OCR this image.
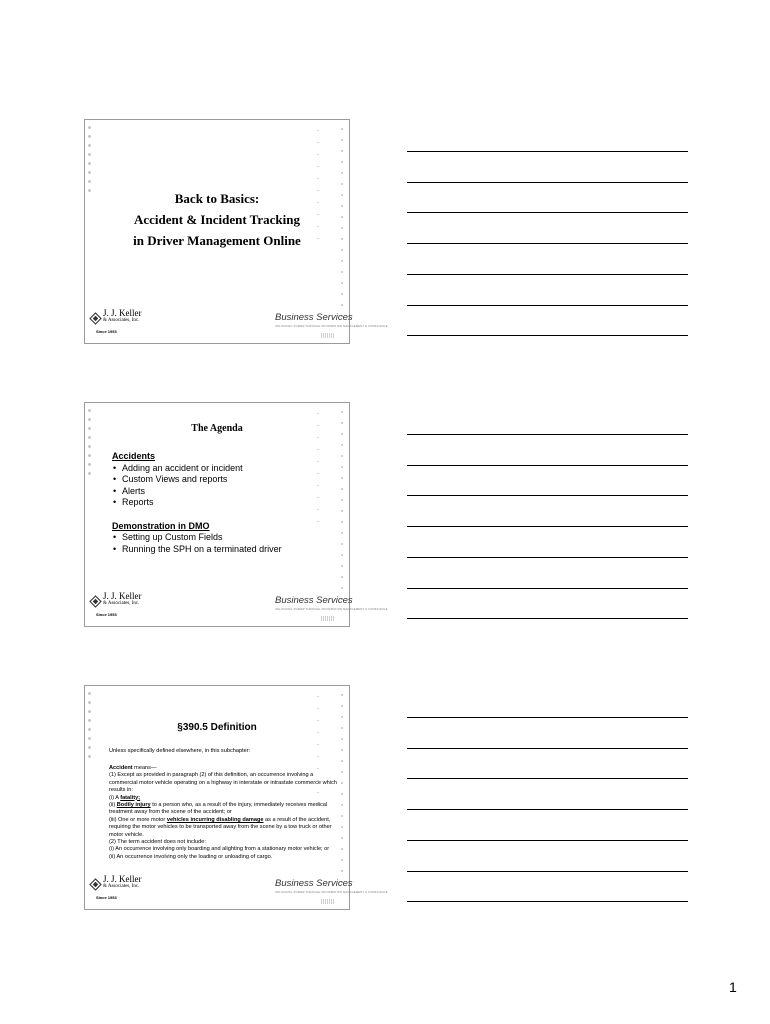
Back to Basics:
Accident & Incident Tracking
in Driver Management Online
J. J. Keller
& Associates, Inc.
Since 1953
Business Services
UNLOCKING POWER THROUGH INFORMATION MANAGEMENT & COMPLIANCE
The Agenda
Accidents
• Adding an accident or incident
• Custom Views and reports
• Alerts
• Reports
Demonstration in DMO
• Setting up Custom Fields
• Running the SPH on a terminated driver
J. J. Keller
& Associates, Inc.
Since 1953
Business Services
UNLOCKING POWER THROUGH INFORMATION MANAGEMENT & COMPLIANCE
§390.5 Definition
Unless specifically defined elsewhere, in this subchapter:
Accident means—
(1) Except as provided in paragraph (2) of this definition, an occurrence involving a commercial motor vehicle operating on a highway in interstate or intrastate commerce which results in:
(i) A fatality;
(ii) Bodily injury to a person who, as a result of the injury, immediately receives medical treatment away from the scene of the accident; or
(iii) One or more motor vehicles incurring disabling damage as a result of the accident, requiring the motor vehicles to be transported away from the scene by a tow truck or other motor vehicle.
(2) The term accident does not include:
(i) An occurrence involving only boarding and alighting from a stationary motor vehicle; or
(ii) An occurrence involving only the loading or unloading of cargo.
J. J. Keller
& Associates, Inc.
Since 1953
Business Services
UNLOCKING POWER THROUGH INFORMATION MANAGEMENT & COMPLIANCE
1
